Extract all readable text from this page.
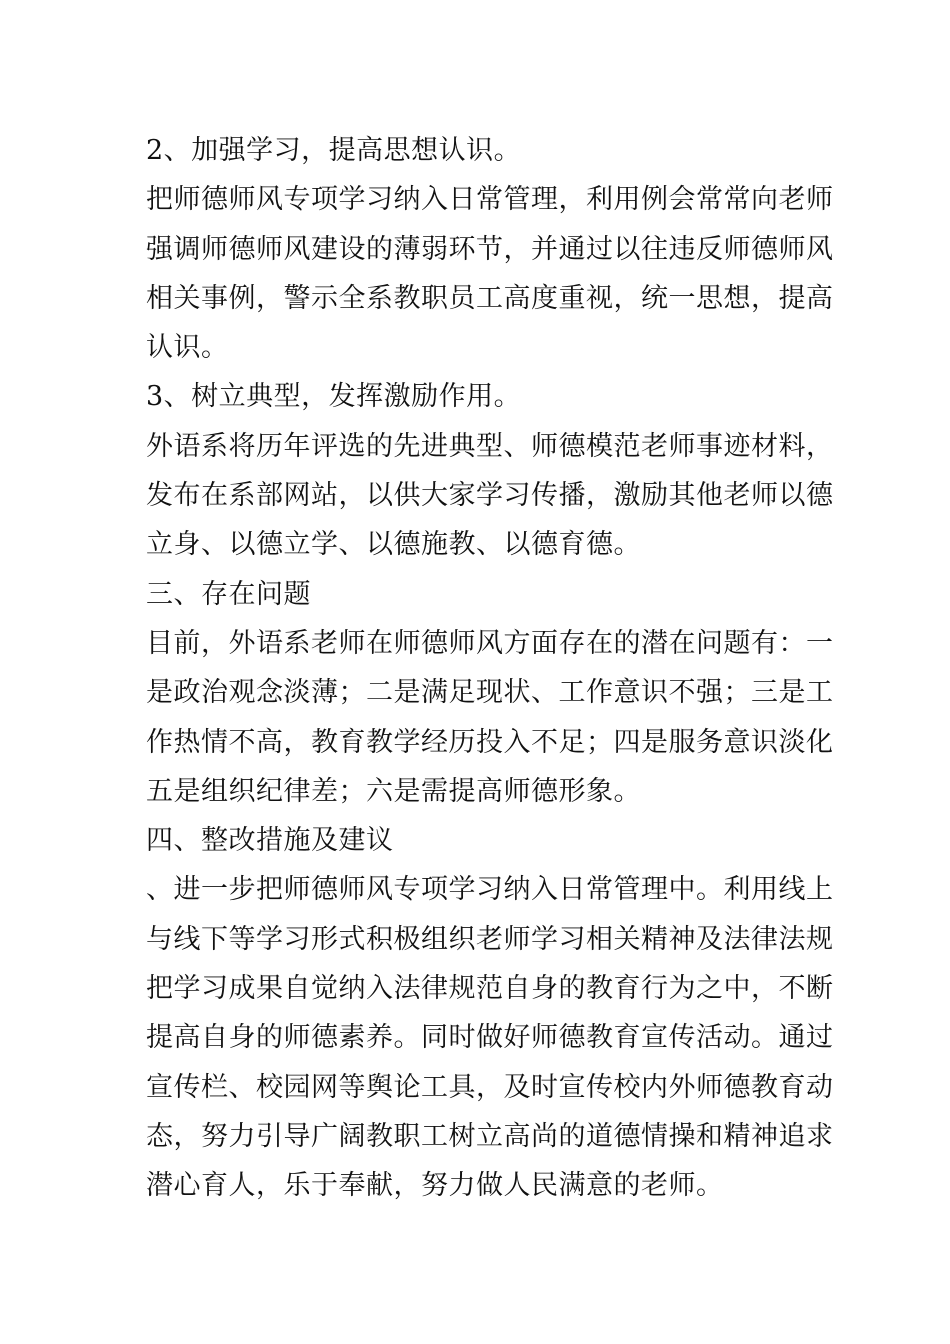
2、加强学习，提高思想认识。
把师德师风专项学习纳入日常管理，利用例会常常向老师
强调师德师风建设的薄弱环节，并通过以往违反师德师风
相关事例，警示全系教职员工高度重视，统一思想，提高
认识。
3、树立典型，发挥激励作用。
外语系将历年评选的先进典型、师德模范老师事迹材料，
发布在系部网站，以供大家学习传播，激励其他老师以德
立身、以德立学、以德施教、以德育德。
三、存在问题
目前，外语系老师在师德师风方面存在的潜在问题有：一
是政治观念淡薄；二是满足现状、工作意识不强；三是工
作热情不高，教育教学经历投入不足；四是服务意识淡化
五是组织纪律差；六是需提高师德形象。
四、整改措施及建议
、进一步把师德师风专项学习纳入日常管理中。利用线上
与线下等学习形式积极组织老师学习相关精神及法律法规
把学习成果自觉纳入法律规范自身的教育行为之中，不断
提高自身的师德素养。同时做好师德教育宣传活动。通过
宣传栏、校园网等舆论工具，及时宣传校内外师德教育动
态，努力引导广阔教职工树立高尚的道德情操和精神追求
潜心育人，乐于奉献，努力做人民满意的老师。
